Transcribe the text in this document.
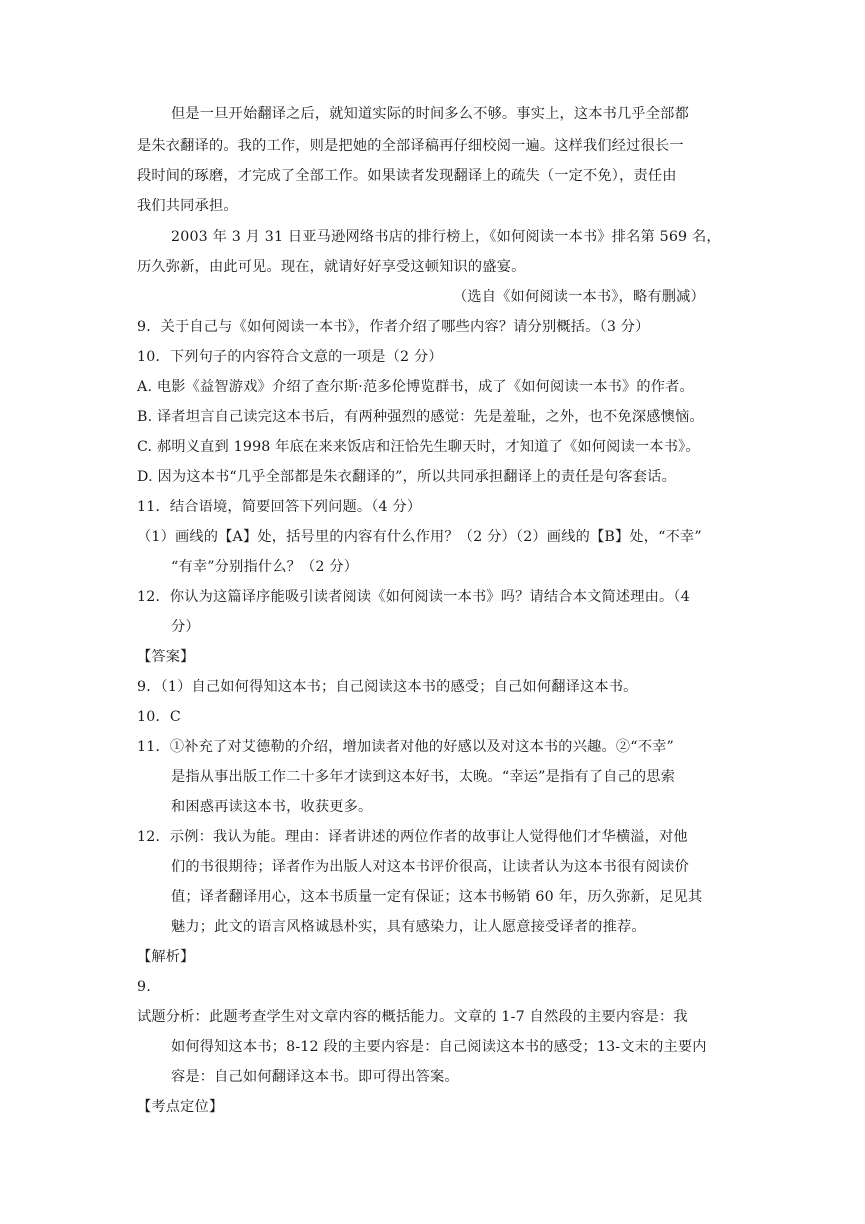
但是一旦开始翻译之后，就知道实际的时间多么不够。事实上，这本书几乎全部都

是朱衣翻译的。我的工作，则是把她的全部译稿再仔细校阅一遍。这样我们经过很长一

段时间的琢磨，才完成了全部工作。如果读者发现翻译上的疏失（一定不免），责任由

我们共同承担。

2003 年 3 月 31 日亚马逊网络书店的排行榜上，《如何阅读一本书》排名第 569 名，

历久弥新，由此可见。现在，就请好好享受这顿知识的盛宴。

（选自《如何阅读一本书》，略有删减）

9．关于自己与《如何阅读一本书》，作者介绍了哪些内容？请分别概括。（3 分）

10．下列句子的内容符合文意的一项是（2 分）

A. 电影《益智游戏》介绍了查尔斯·范多伦博览群书，成了《如何阅读一本书》的作者。

B. 译者坦言自己读完这本书后，有两种强烈的感觉：先是羞耻，之外，也不免深感懊恼。

C. 郝明义直到 1998 年底在来来饭店和汪恰先生聊天时，才知道了《如何阅读一本书》。

D. 因为这本书“几乎全部都是朱衣翻译的”，所以共同承担翻译上的责任是句客套话。

11．结合语境，简要回答下列问题。（4 分）

（1）画线的【A】处，括号里的内容有什么作用？（2 分）（2）画线的【B】处，“不幸”

“有幸”分别指什么？（2 分）

12．你认为这篇译序能吸引读者阅读《如何阅读一本书》吗？请结合本文简述理由。（4

分）

【答案】

9．（1）自己如何得知这本书；自己阅读这本书的感受；自己如何翻译这本书。

10．C

11．①补充了对艾德勒的介绍，增加读者对他的好感以及对这本书的兴趣。②“不幸”

是指从事出版工作二十多年才读到这本好书，太晚。“幸运”是指有了自己的思索

和困惑再读这本书，收获更多。

12．示例：我认为能。理由：译者讲述的两位作者的故事让人觉得他们才华横溢，对他

们的书很期待；译者作为出版人对这本书评价很高，让读者认为这本书很有阅读价

值；译者翻译用心，这本书质量一定有保证；这本书畅销 60 年，历久弥新，足见其

魅力；此文的语言风格诚恳朴实，具有感染力，让人愿意接受译者的推荐。

【解析】

9.

试题分析：此题考查学生对文章内容的概括能力。文章的 1-7 自然段的主要内容是：我

如何得知这本书；8-12 段的主要内容是：自己阅读这本书的感受；13-文末的主要内

容是：自己如何翻译这本书。即可得出答案。

【考点定位】
